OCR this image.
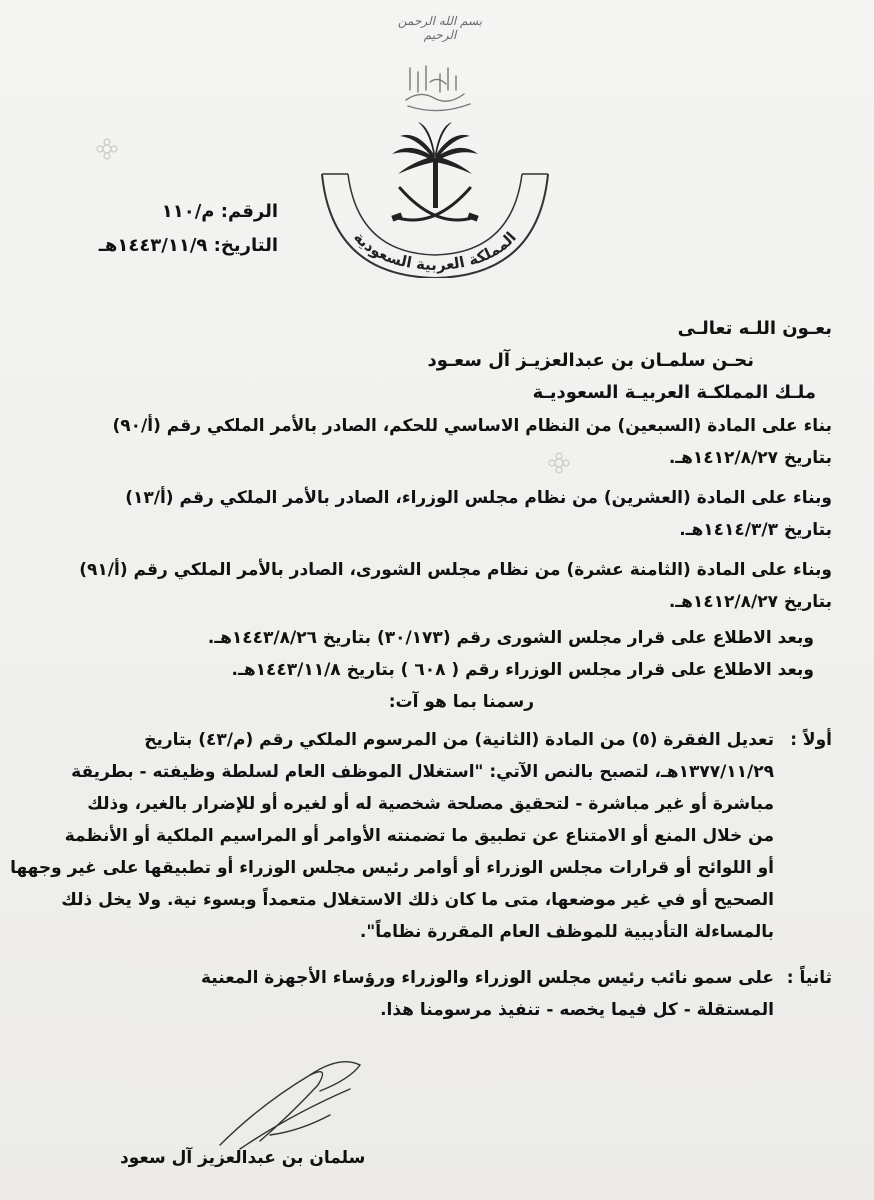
بسم الله الرحمن الرحيم
المملكة العربية السعودية
الرقم: م/١١٠
التاريخ: ١٤٤٣/١١/٩هـ
بعـون اللـه تعالـى
نحـن سلمـان بن عبدالعزيـز آل سعـود
ملـك المملكـة العربيـة السعوديـة
بناء على المادة (السبعين) من النظام الاساسي للحكم، الصادر بالأمر الملكي رقم (أ/٩٠)
بتاريخ ١٤١٢/٨/٢٧هـ.
وبناء على المادة (العشرين) من نظام مجلس الوزراء، الصادر بالأمر الملكي رقم (أ/١٣)
بتاريخ ١٤١٤/٣/٣هـ.
وبناء على المادة (الثامنة عشرة) من نظام مجلس الشورى، الصادر بالأمر الملكي رقم (أ/٩١)
بتاريخ ١٤١٢/٨/٢٧هـ.
وبعد الاطلاع على قرار مجلس الشورى رقم (٣٠/١٧٣) بتاريخ ١٤٤٣/٨/٢٦هـ.
وبعد الاطلاع على قرار مجلس الوزراء رقم ( ٦٠٨ ) بتاريخ ١٤٤٣/١١/٨هـ.
رسمنا بما هو آت:
أولاً :
تعديل الفقرة (٥) من المادة (الثانية) من المرسوم الملكي رقم (م/٤٣) بتاريخ
١٣٧٧/١١/٢٩هـ، لتصبح بالنص الآتي: "استغلال الموظف العام لسلطة وظيفته - بطريقة
مباشرة أو غير مباشرة - لتحقيق مصلحة شخصية له أو لغيره أو للإضرار بالغير، وذلك
من خلال المنع أو الامتناع عن تطبيق ما تضمنته الأوامر أو المراسيم الملكية أو الأنظمة
أو اللوائح أو قرارات مجلس الوزراء أو أوامر رئيس مجلس الوزراء أو تطبيقها على غير وجهها
الصحيح أو في غير موضعها، متى ما كان ذلك الاستغلال متعمداً وبسوء نية. ولا يخل ذلك
بالمساءلة التأديبية للموظف العام المقررة نظاماً".
ثانياً :
على سمو نائب رئيس مجلس الوزراء والوزراء ورؤساء الأجهزة المعنية
المستقلة - كل فيما يخصه - تنفيذ مرسومنا هذا.
سلمان بن عبدالعزيز آل سعود
